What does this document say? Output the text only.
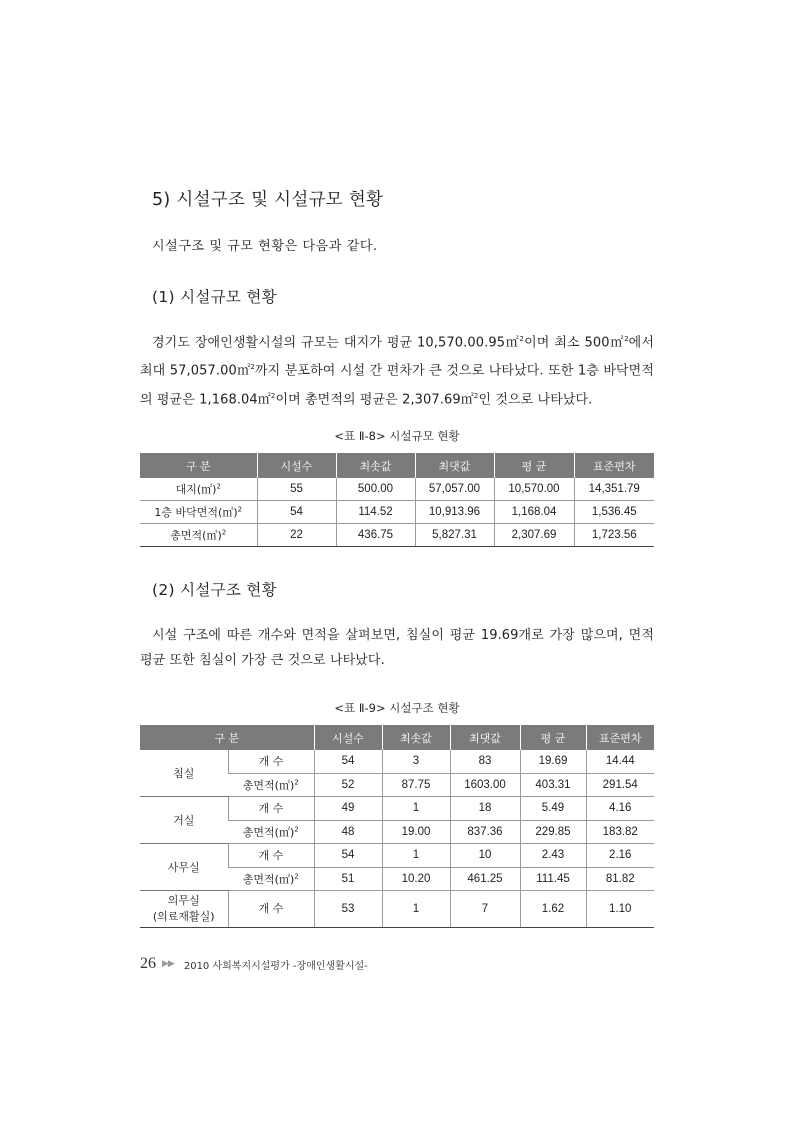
5) 시설구조 및 시설규모 현황
시설구조 및 규모 현황은 다음과 같다.
(1) 시설규모 현황
경기도 장애인생활시설의 규모는 대지가 평균 10,570.00.95㎡$^2$이며 최소 500㎡$^2$에서 최대 57,057.00㎡$^2$까지 분포하여 시설 간 편차가 큰 것으로 나타났다. 또한 1층 바닥면적의 평균은 1,168.04㎡$^2$이며 총면적의 평균은 2,307.69㎡$^2$인 것으로 나타났다.
<표 Ⅱ-8> 시설규모 현황
구 분	시설수	최솟값	최댓값	평 균	표준편차
대지(㎡)$^2$	55	500.00	57,057.00	10,570.00	14,351.79
1층 바닥면적(㎡)$^2$	54	114.52	10,913.96	1,168.04	1,536.45
총면적(㎡)$^2$	22	436.75	5,827.31	2,307.69	1,723.56
(2) 시설구조 현황
시설 구조에 따른 개수와 면적을 살펴보면, 침실이 평균 19.69개로 가장 많으며, 면적 평균 또한 침실이 가장 큰 것으로 나타났다.
<표 Ⅱ-9> 시설구조 현황
구 분		시설수	최솟값	최댓값	평 균	표준편차
침실	개 수	54	3	83	19.69	14.44
	총면적(㎡)$^2$	52	87.75	1603.00	403.31	291.54
거실	개 수	49	1	18	5.49	4.16
	총면적(㎡)$^2$	48	19.00	837.36	229.85	183.82
사무실	개 수	54	1	10	2.43	2.16
	총면적(㎡)$^2$	51	10.20	461.25	111.45	81.82
의무실
(의료재활실)	개 수	53	1	7	1.62	1.10
26 ▶▶ 2010 사회복지시설평가 -장애인생활시설-
